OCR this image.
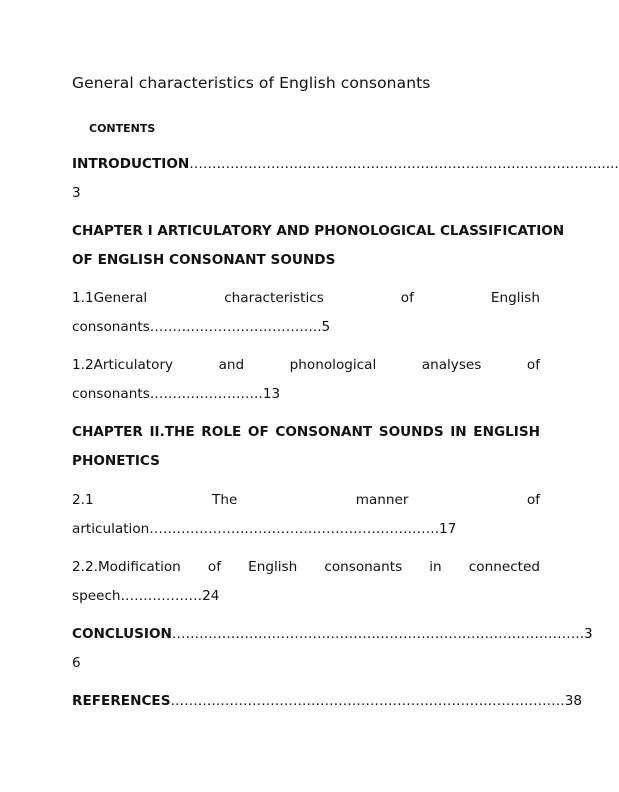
General characteristics of English consonants
CONTENTS
INTRODUCTION……………………………………………………………………………….....
3
CHAPTER I ARTICULATORY AND PHONOLOGICAL CLASSIFICATION
OF ENGLISH CONSONANT SOUNDS
1.1General characteristics of English
consonants………………………………..5
1.2Articulatory and phonological analyses of
consonants…………………….13
CHAPTER II.THE ROLE OF CONSONANT SOUNDS IN ENGLISH
PHONETICS
2.1 The manner of
articulation……………………………………………………….17
2.2.Modification of English consonants in connected
speech………………24
CONCLUSION……………………………………………………………………………….3
6
REFERENCES……………………………………………………………………………38
